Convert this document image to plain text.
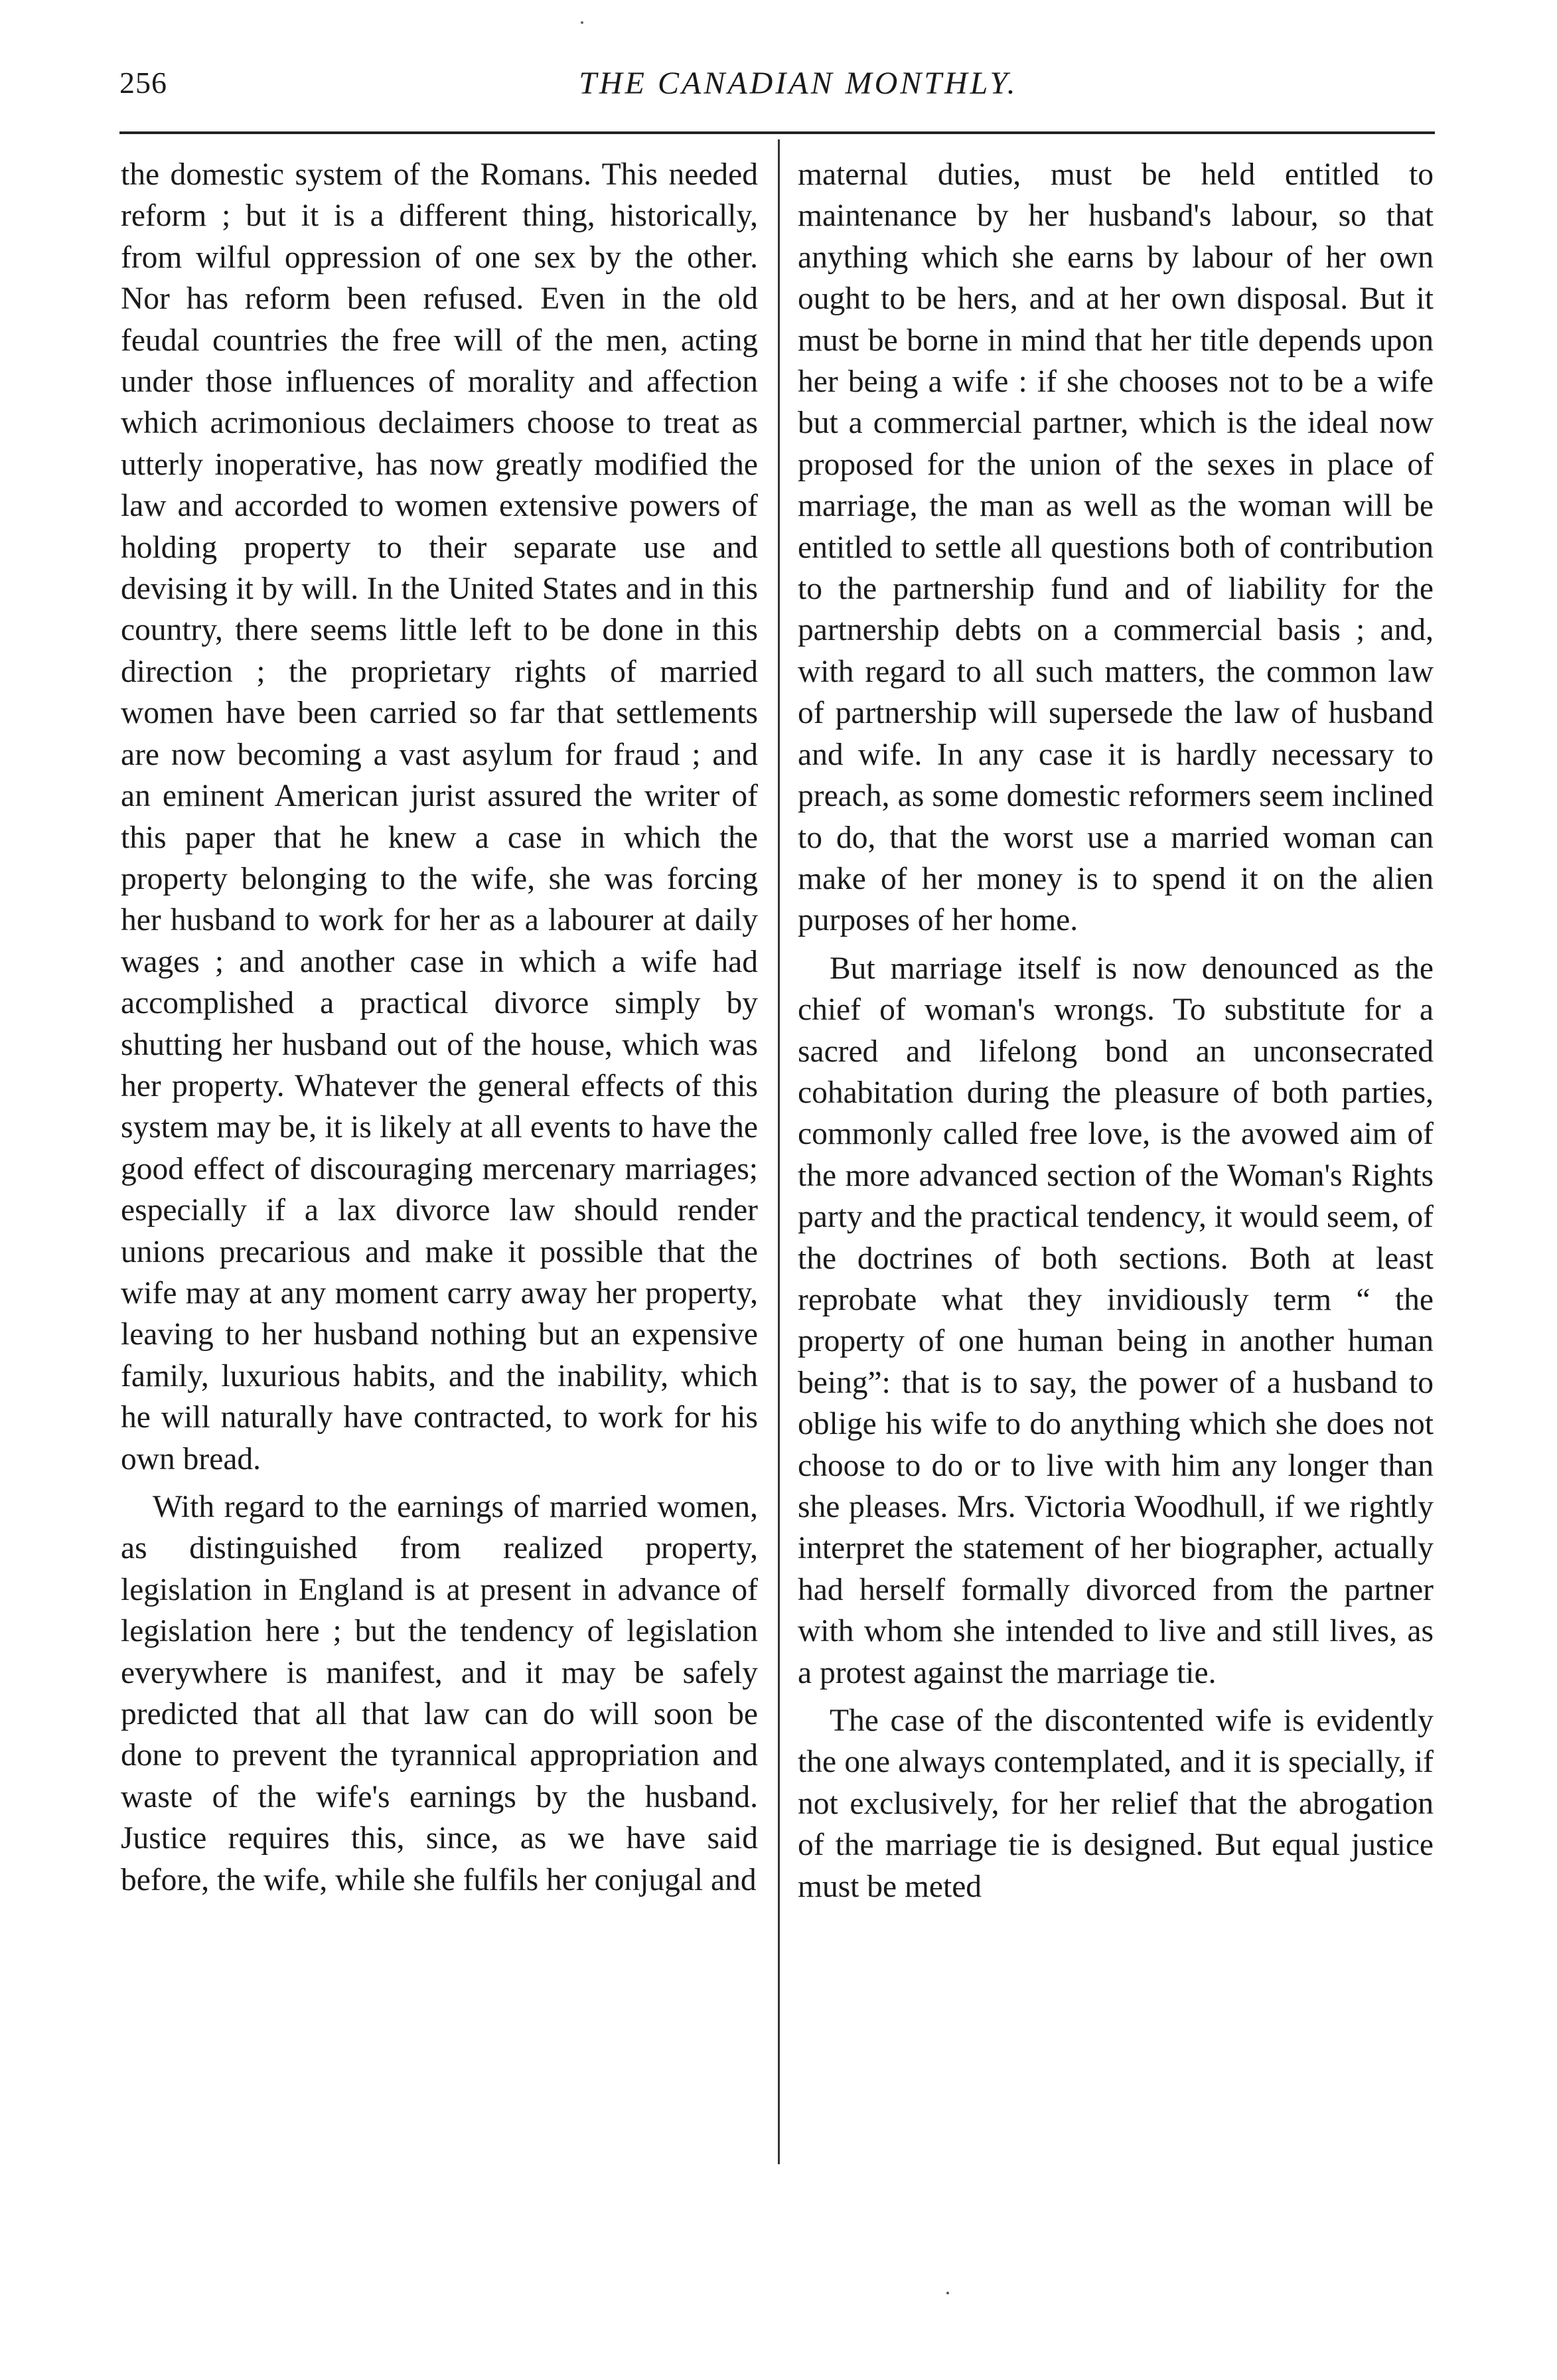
256	THE CANADIAN MONTHLY.

the domestic system of the Romans. This needed reform ; but it is a different thing, historically, from wilful oppression of one sex by the other. Nor has reform been refused. Even in the old feudal countries the free will of the men, acting under those influences of morality and affection which acrimonious declaimers choose to treat as utterly inoperative, has now greatly modified the law and accorded to women extensive powers of holding property to their separate use and devising it by will. In the United States and in this country, there seems little left to be done in this direction ; the proprietary rights of married women have been carried so far that settlements are now becoming a vast asylum for fraud ; and an eminent American jurist assured the writer of this paper that he knew a case in which the property belonging to the wife, she was forcing her husband to work for her as a labourer at daily wages ; and another case in which a wife had accomplished a practical divorce simply by shutting her husband out of the house, which was her property. Whatever the general effects of this system may be, it is likely at all events to have the good effect of discouraging mercenary marriages; especially if a lax divorce law should render unions precarious and make it possible that the wife may at any moment carry away her property, leaving to her husband nothing but an expensive family, luxurious habits, and the inability, which he will naturally have contracted, to work for his own bread.

With regard to the earnings of married women, as distinguished from realized property, legislation in England is at present in advance of legislation here ; but the tendency of legislation everywhere is manifest, and it may be safely predicted that all that law can do will soon be done to prevent the tyrannical appropriation and waste of the wife's earnings by the husband. Justice requires this, since, as we have said before, the wife, while she fulfils her conjugal and

maternal duties, must be held entitled to maintenance by her husband's labour, so that anything which she earns by labour of her own ought to be hers, and at her own disposal. But it must be borne in mind that her title depends upon her being a wife : if she chooses not to be a wife but a commercial partner, which is the ideal now proposed for the union of the sexes in place of marriage, the man as well as the woman will be entitled to settle all questions both of contribution to the partnership fund and of liability for the partnership debts on a commercial basis ; and, with regard to all such matters, the common law of partnership will supersede the law of husband and wife. In any case it is hardly necessary to preach, as some domestic reformers seem inclined to do, that the worst use a married woman can make of her money is to spend it on the alien purposes of her home.

But marriage itself is now denounced as the chief of woman's wrongs. To substitute for a sacred and lifelong bond an unconsecrated cohabitation during the pleasure of both parties, commonly called free love, is the avowed aim of the more advanced section of the Woman's Rights party and the practical tendency, it would seem, of the doctrines of both sections. Both at least reprobate what they invidiously term “ the property of one human being in another human being”: that is to say, the power of a husband to oblige his wife to do anything which she does not choose to do or to live with him any longer than she pleases. Mrs. Victoria Woodhull, if we rightly interpret the statement of her biographer, actually had herself formally divorced from the partner with whom she intended to live and still lives, as a protest against the marriage tie.

The case of the discontented wife is evidently the one always contemplated, and it is specially, if not exclusively, for her relief that the abrogation of the marriage tie is designed. But equal justice must be meted
